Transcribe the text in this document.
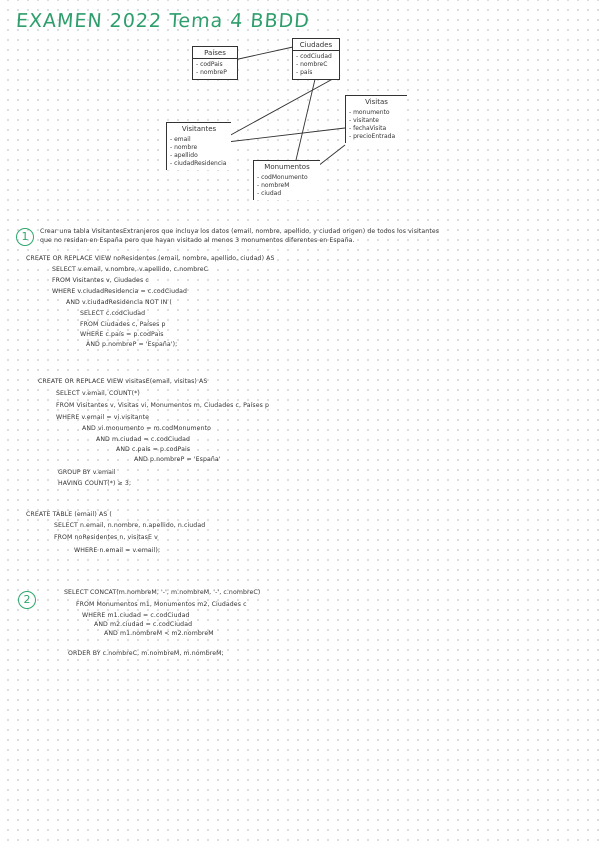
EXAMEN 2022 Tema 4 BBDD
Países
- codPais
- nombreP
Ciudades
- codCiudad
- nombreC
- país
Visitantes
- email
- nombre
- apellido
- ciudadResidencia
Visitas
- monumento
- visitante
- fechaVisita
- precioEntrada
Monumentos
- codMonumento
- nombreM
- ciudad
1	Crear una tabla VisitantesExtranjeros que incluya los datos (email, nombre, apellido, y ciudad origen) de todos los visitantes
que no residan en España pero que hayan visitado al menos 3 monumentos diferentes en España.
CREATE OR REPLACE VIEW noResidentes (email, nombre, apellido, ciudad) AS
SELECT v.email, v.nombre, v.apellido, c.nombreC
FROM Visitantes v, Ciudades c
WHERE v.ciudadResidencia = c.codCiudad
AND v.ciudadResidencia NOT IN (
SELECT c.codCiudad
FROM Ciudades c, Países p
WHERE c.país = p.codPais
AND p.nombreP = 'España');
CREATE OR REPLACE VIEW visitasE(email, visitas) AS
SELECT v.email, COUNT(*)
FROM Visitantes v, Visitas vi, Monumentos m, Ciudades c, Países p
WHERE v.email = vi.visitante
AND vi.monumento = m.codMonumento
AND m.ciudad = c.codCiudad
AND c.país = p.codPais
AND p.nombreP = 'España'
GROUP BY v.email
HAVING COUNT(*) ≥ 3;
CREATE TABLE (email) AS (
SELECT n.email, n.nombre, n.apellido, n.ciudad
FROM noResidentes n, visitasE v
WHERE n.email = v.email);
2
SELECT CONCAT(m.nombreM, '-', m.nombreM, '-', c.nombreC)
FROM Monumentos m1, Monumentos m2, Ciudades c
WHERE m1.ciudad = c.codCiudad
AND m2.ciudad = c.codCiudad
AND m1.nombreM < m2.nombreM
ORDER BY c.nombreC, m.nombreM, m.nombreM;
